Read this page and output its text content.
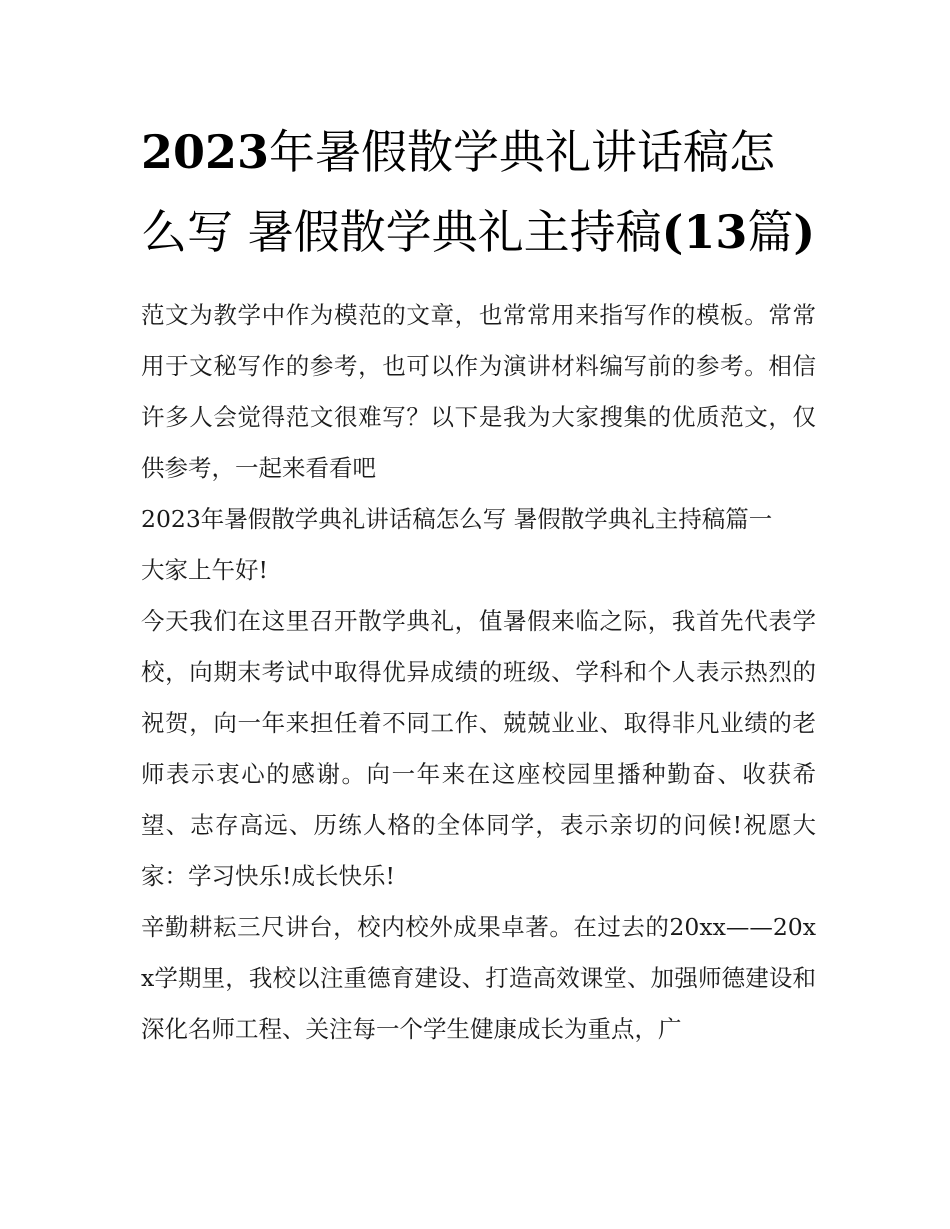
2023年暑假散学典礼讲话稿怎么写 暑假散学典礼主持稿(13篇)

范文为教学中作为模范的文章，也常常用来指写作的模板。常常用于文秘写作的参考，也可以作为演讲材料编写前的参考。相信许多人会觉得范文很难写？以下是我为大家搜集的优质范文，仅供参考，一起来看看吧

2023年暑假散学典礼讲话稿怎么写 暑假散学典礼主持稿篇一

大家上午好!

今天我们在这里召开散学典礼，值暑假来临之际，我首先代表学校，向期末考试中取得优异成绩的班级、学科和个人表示热烈的祝贺，向一年来担任着不同工作、兢兢业业、取得非凡业绩的老师表示衷心的感谢。向一年来在这座校园里播种勤奋、收获希望、志存高远、历练人格的全体同学，表示亲切的问候!祝愿大家：学习快乐!成长快乐!

辛勤耕耘三尺讲台，校内校外成果卓著。在过去的20xx——20xx学期里，我校以注重德育建设、打造高效课堂、加强师德建设和深化名师工程、关注每一个学生健康成长为重点，广
